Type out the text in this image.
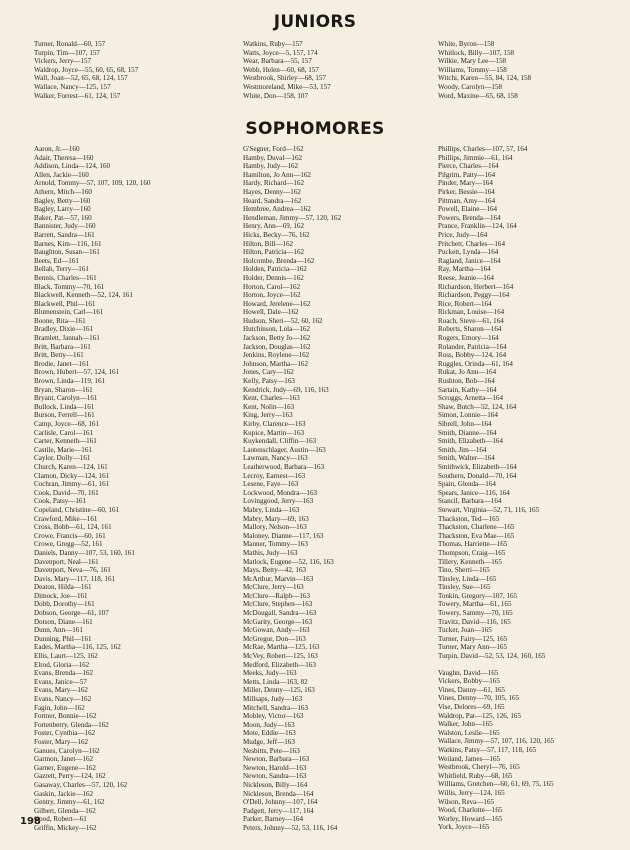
JUNIORS
Turner, Ronald—60, 157
Turpin, Tim—107, 157
Vickers, Jerry—157
Waldrop, Joyce—55, 60, 65, 68, 157
Wall, Joan—52, 65, 68, 124, 157
Wallace, Nancy—125, 157
Walker, Forrest—61, 124, 157
Watkins, Ruby—157
Watts, Joyce—5, 157, 174
Wear, Barbara—55, 157
Webb, Helen—60, 68, 157
Westbrook, Shirley—68, 157
Westmoreland, Mike—53, 157
White, Don—158, 107
White, Byron—158
Whitlock, Billy—107, 158
Wilkie, Mary Lee—158
Williams, Tommy—158
Witchi, Karen—55, 84, 124, 158
Woody, Carolyn—158
Word, Maxine—65, 68, 158
SOPHOMORES
Aaron, Jr.—160
Adair, Theresa—160
Addison, Linda—124, 160
Allen, Jackie—160
Arnold, Tommy—57, 107, 109, 120, 160
Athern, Mitch—160
Bagley, Betty—160
Bagley, Larry—160
Baker, Pat—57, 160
Bannister, Judy—160
Barrett, Sandra—161
Barnes, Kim—116, 161
Baughton, Susan—161
Beets, Ed—161
Bellah, Terry—161
Bennis, Charles—161
Black, Tommy—70, 161
Blackwell, Kenneth—52, 124, 161
Blackwell, Phil—161
Blumenstein, Carl—161
Boone, Rita—161
Bradley, Dixie—161
Bramlett, Jannah—161
Britt, Barbara—161
Britt, Betty—161
Brodie, Janet—161
Brown, Hubert—57, 124, 161
Brown, Linda—119, 161
Bryan, Sharon—161
Bryant, Carolyn—161
Bullock, Linda—161
Burson, Ferrell—161
Camp, Joyce—68, 161
Carlisle, Carol—161
Carter, Kenneth—161
Castile, Marie—161
Caylor, Dolly—161
Church, Karen—124, 161
Clamon, Dicky—124, 161
Cochran, Jimmy—61, 161
Cook, David—70, 161
Cook, Patsy—161
Copeland, Christine—60, 161
Crawford, Mike—161
Cross, Bobb—61, 124, 161
Crowe, Francis—60, 161
Crowe, Gregg—52, 161
Daniels, Danny—107, 53, 160, 161
Davenport, Neal—161
Davenport, Neva—76, 161
Davis, Mary—117, 118, 161
Deaton, Hilda—161
Dimock, Joe—161
Dobb, Dorothy—161
Dobson, George—61, 107
Dotson, Diane—161
Dunn, Ann—161
Dunning, Phil—161
Eades, Martha—116, 125, 162
Ellis, Laurt—125, 162
Elrod, Gloria—162
Evans, Brenda—162
Evans, Janice—57
Evans, Mary—162
Evans, Nancy—162
Fagin, John—162
Fortner, Bonnie—162
Fortenberry, Glenda—162
Foster, Cynthia—162
Foster, Mary—162
Ganues, Carolyn—162
Garmon, Janet—162
Garner, Eugene—162
Gazrett, Perry—124, 162
Gasaway, Charles—57, 120, 162
Gaskin, Jackie—162
Gentry, Jimmy—61, 162
Gilbert, Glenda—162
Good, Robert—61
Griffin, Mickey—162
G'Segner, Ford—162
Hamby, Duval—162
Hamby, Judy—162
Hamilton, Jo Ann—162
Hardy, Richard—162
Hayes, Denny—162
Heard, Sandra—162
Hembree, Andrea—162
Hendleman, Jimmy—57, 120, 162
Henry, Ann—69, 162
Hicks, Becky—76, 162
Hilton, Bill—162
Hilton, Patricia—162
Holcombe, Brenda—162
Holden, Patricia—162
Holder, Dennis—162
Horton, Carol—162
Horton, Joyce—162
Howard, Jerelene—162
Howell, Dale—162
Hudson, Sheri—52, 60, 162
Hutchinson, Lola—162
Jackson, Betty Jo—162
Jackson, Douglas—162
Jenkins, Roylene—162
Johnson, Martha—162
Jones, Cary—162
Kelly, Patsy—163
Kendrick, Judy—69, 116, 163
Kent, Charles—163
Kent, Nolin—163
King, Jerry—163
Kirby, Clarence—163
Kupice, Martin—163
Kuykendall, Cliffin—163
Lautenschlager, Austin—163
Lawman, Nancy—163
Leatherwood, Barbara—163
Lecroy, Earnest—163
Lesene, Faye—163
Lockwood, Mondra—163
Lovinggood, Jerry—163
Mabry, Linda—163
Mabry, Mary—69, 163
Mallory, Nelson—163
Maloney, Dianne—117, 163
Manner, Tommy—163
Mathis, Judy—163
Matlock, Eugene—52, 116, 163
Mays, Betty—42, 163
McArthur, Marvin—163
McClure, Jerry—163
McClure—Ralph—163
McClure, Stephen—163
McDougall, Sandra—163
McGarity, George—163
McGowan, Andy—163
McGregor, Don—163
McRae, Martha—125, 163
McVey, Robert—125, 163
Medford, Elizabeth—163
Meeks, Judy—163
Metts, Linda—163, 82
Miller, Denny—125, 163
Millsaps, Judy—163
Mitchell, Sandra—163
Mobley, Victor—163
Moon, Judy—163
Mote, Eddie—163
Mudge, Jeff—163
Nesbitts, Pete—163
Newton, Barbara—163
Newton, Harold—163
Newton, Sandra—163
Nickleson, Billy—164
Nickleson, Brenda—164
O'Dell, Johnny—107, 164
Padgett, Jerry—117, 164
Parker, Barney—164
Peters, Johnny—52, 53, 116, 164
Phillips, Charles—107, 57, 164
Phillips, Jimmie—61, 164
Pierce, Charles—164
Pilgrim, Patty—164
Pinder, Mary—164
Pirker, Bessie—164
Pittman, Amy—164
Powell, Elaine—164
Powers, Brenda—164
Prance, Franklin—124, 164
Price, Judy—164
Pritchett, Charles—164
Puckett, Lynda—164
Ragland, Janice—164
Ray, Martha—164
Reese, Jeanie—164
Richardson, Herbert—164
Richardson, Peggy—164
Rice, Robert—164
Rickman, Louise—164
Roach, Steve—61, 164
Roberts, Sharon—164
Rogers, Emory—164
Rolander, Patricia—164
Ross, Bobby—124, 164
Ruggles, Orinda—61, 164
Rukat, Jo Ann—164
Rushton, Bob—164
Sartain, Kathy—164
Scroggs, Arnetta—164
Shaw, Butch—52, 124, 164
Simon, Lonnie—164
Sibrell, John—164
Smith, Dianne—164
Smith, Elizabeth—164
Smith, Jim—164
Smith, Walter—164
Smithwick, Elizabeth—164
Southern, Donald—70, 164
Spain, Glenda—164
Spears, Janice—116, 164
Stancil, Barbara—164
Stewart, Virginia—52, 71, 116, 165
Thackston, Ted—165
Thackston, Charlene—165
Thackston, Eva Mae—165
Thomas, Harriette—165
Thompson, Craig—165
Tillery, Kenneth—165
Tino, Sherri—165
Tinsley, Linda—165
Tinsley, Sue—165
Tonkin, Gregory—107, 165
Towery, Martha—61, 165
Towery, Sammy—70, 165
Travitz, David—116, 165
Tucker, Joan—165
Turner, Fairy—125, 165
Turner, Mary Ann—165
Turpin, David—52, 53, 124, 160, 165
Vaughn, David—165
Vickers, Bobby—165
Vines, Danny—61, 165
Vines, Denny—70, 105, 165
Vise, Delores—69, 165
Waldrop, Pat—125, 126, 165
Walker, John—165
Walston, Leslie—165
Wallace, Jimmy—57, 107, 116, 120, 165
Watkins, Patsy—57, 117, 118, 165
Weiland, James—165
Westbrook, Cheryl—76, 165
Whitfield, Ruby—68, 165
Williams, Gretchen—60, 61, 69, 75, 165
Willis, Jerry—124, 165
Wilson, Reva—165
Wood, Charlotte—165
Worley, Howard—165
York, Joyce—165
198
